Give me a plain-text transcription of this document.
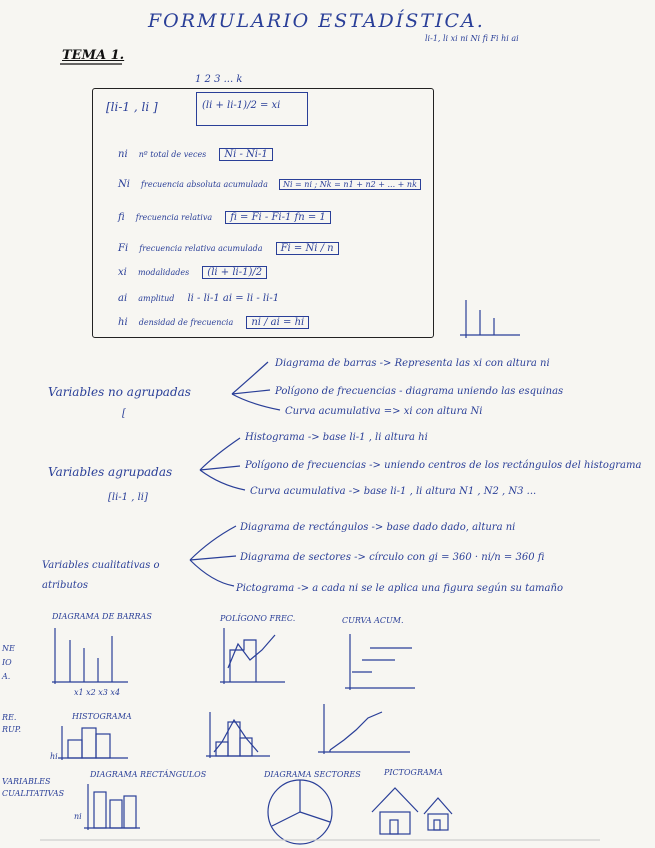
FORMULARIO ESTADÍSTICA.
TEMA 1.
li-1, li xi ni Ni fi Fi hi ai
1 2 3 ... k
[li-1 , li ]	(li + li-1)/2 = xi
ni nº total de veces Ni - Ni-1
Ni frecuencia absoluta acumulada Ni = ni ; Nk = n1 + n2 + ... + nk
fi frecuencia relativa fi = Fi - Fi-1 fn = 1
Fi frecuencia relativa acumulada Fi = Ni / n
xi modalidades (li + li-1)/2
ai amplitud li - li-1 ai = li - li-1
hi densidad de frecuencia ni / ai = hi
Variables no agrupadas
[
Variables agrupadas
[li-1 , li]
Variables cualitativas o atributos
Diagrama de barras -> Representa las xi con altura ni
Polígono de frecuencias - diagrama uniendo las esquinas
Curva acumulativa => xi con altura Ni
Histograma -> base li-1 , li altura hi
Polígono de frecuencias -> uniendo centros de los rectángulos del histograma
Curva acumulativa -> base li-1 , li altura N1 , N2 , N3 ...
Diagrama de rectángulos -> base dado dado, altura ni
Diagrama de sectores -> círculo con gi = 360 · ni/n = 360 fi
Pictograma -> a cada ni se le aplica una figura según su tamaño
NE IO A.
DIAGRAMA DE BARRAS	POLÍGONO FREC.	CURVA ACUM.
x1 x2 x3 x4
RE. RUP.
HISTOGRAMA
hi
VARIABLES CUALITATIVAS
DIAGRAMA RECTÁNGULOS	DIAGRAMA SECTORES	PICTOGRAMA
ni
